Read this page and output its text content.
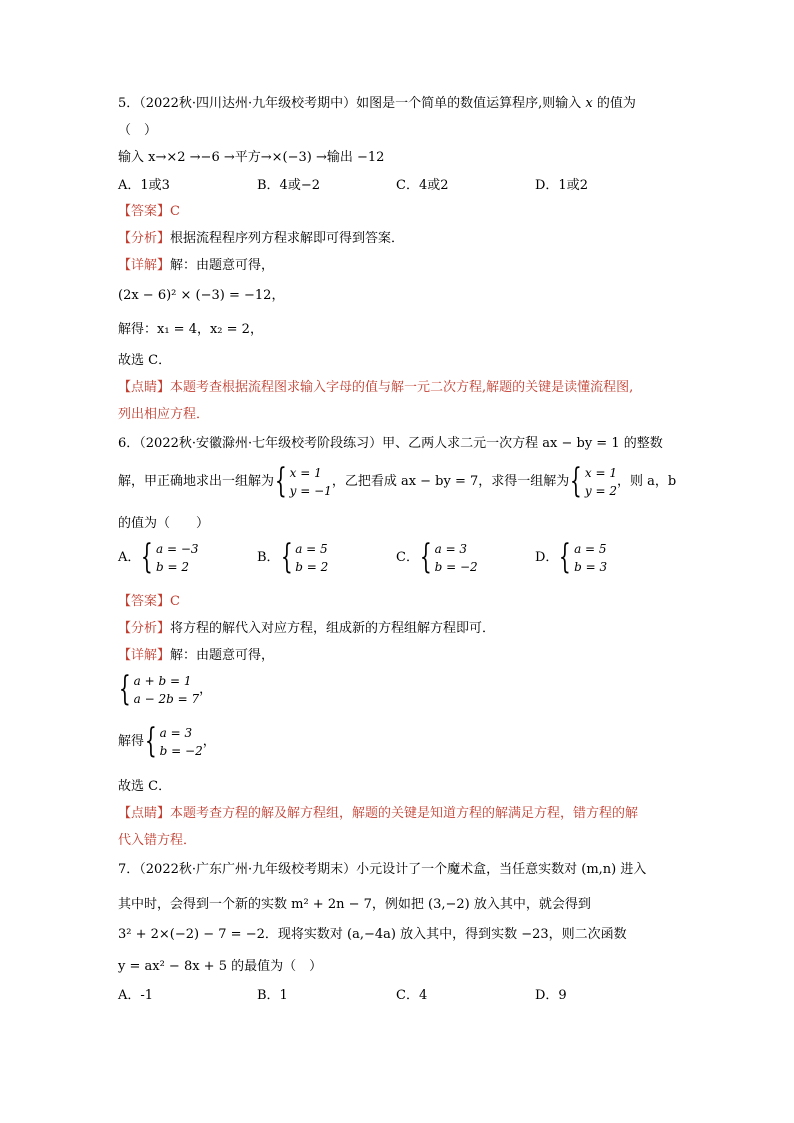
5．（2022秋·四川达州·九年级校考期中）如图是一个简单的数值运算程序,则输入 x 的值为
（　）
输入 x→×2 →−6 →平方→×(−3) →输出 −12
A．1或3	B．4或−2	C．4或2	D．1或2
【答案】C
【分析】根据流程程序列方程求解即可得到答案．
【详解】解：由题意可得，
(2x − 6)² × (−3) = −12，
解得：x₁ = 4，x₂ = 2，
故选 C．
【点睛】本题考查根据流程图求输入字母的值与解一元二次方程,解题的关键是读懂流程图,
列出相应方程．
6．（2022秋·安徽滁州·七年级校考阶段练习）甲、乙两人求二元一次方程 ax − by = 1 的整数
解，甲正确地求出一组解为 { x = 1
y = −1
，乙把看成 ax − by = 7，求得一组解为 { x = 1
y = 2
，则 a，b
的值为（　　）
A． { a = −3
b = 2
B． { a = 5
b = 2
C． { a = 3
b = −2
D． { a = 5
b = 3
【答案】C
【分析】将方程的解代入对应方程，组成新的方程组解方程即可．
【详解】解：由题意可得，
{ a + b = 1
a − 2b = 7
，
解得 { a = 3
b = −2
，
故选 C．
【点睛】本题考查方程的解及解方程组，解题的关键是知道方程的解满足方程，错方程的解
代入错方程．
7．（2022秋·广东广州·九年级校考期末）小元设计了一个魔术盒，当任意实数对 (m,n) 进入
其中时，会得到一个新的实数 m² + 2n − 7，例如把 (3,−2) 放入其中，就会得到
3² + 2×(−2) − 7 = −2．现将实数对 (a,−4a) 放入其中，得到实数 −23，则二次函数
y = ax² − 8x + 5 的最值为（　）
A．-1	B．1	C．4	D．9
